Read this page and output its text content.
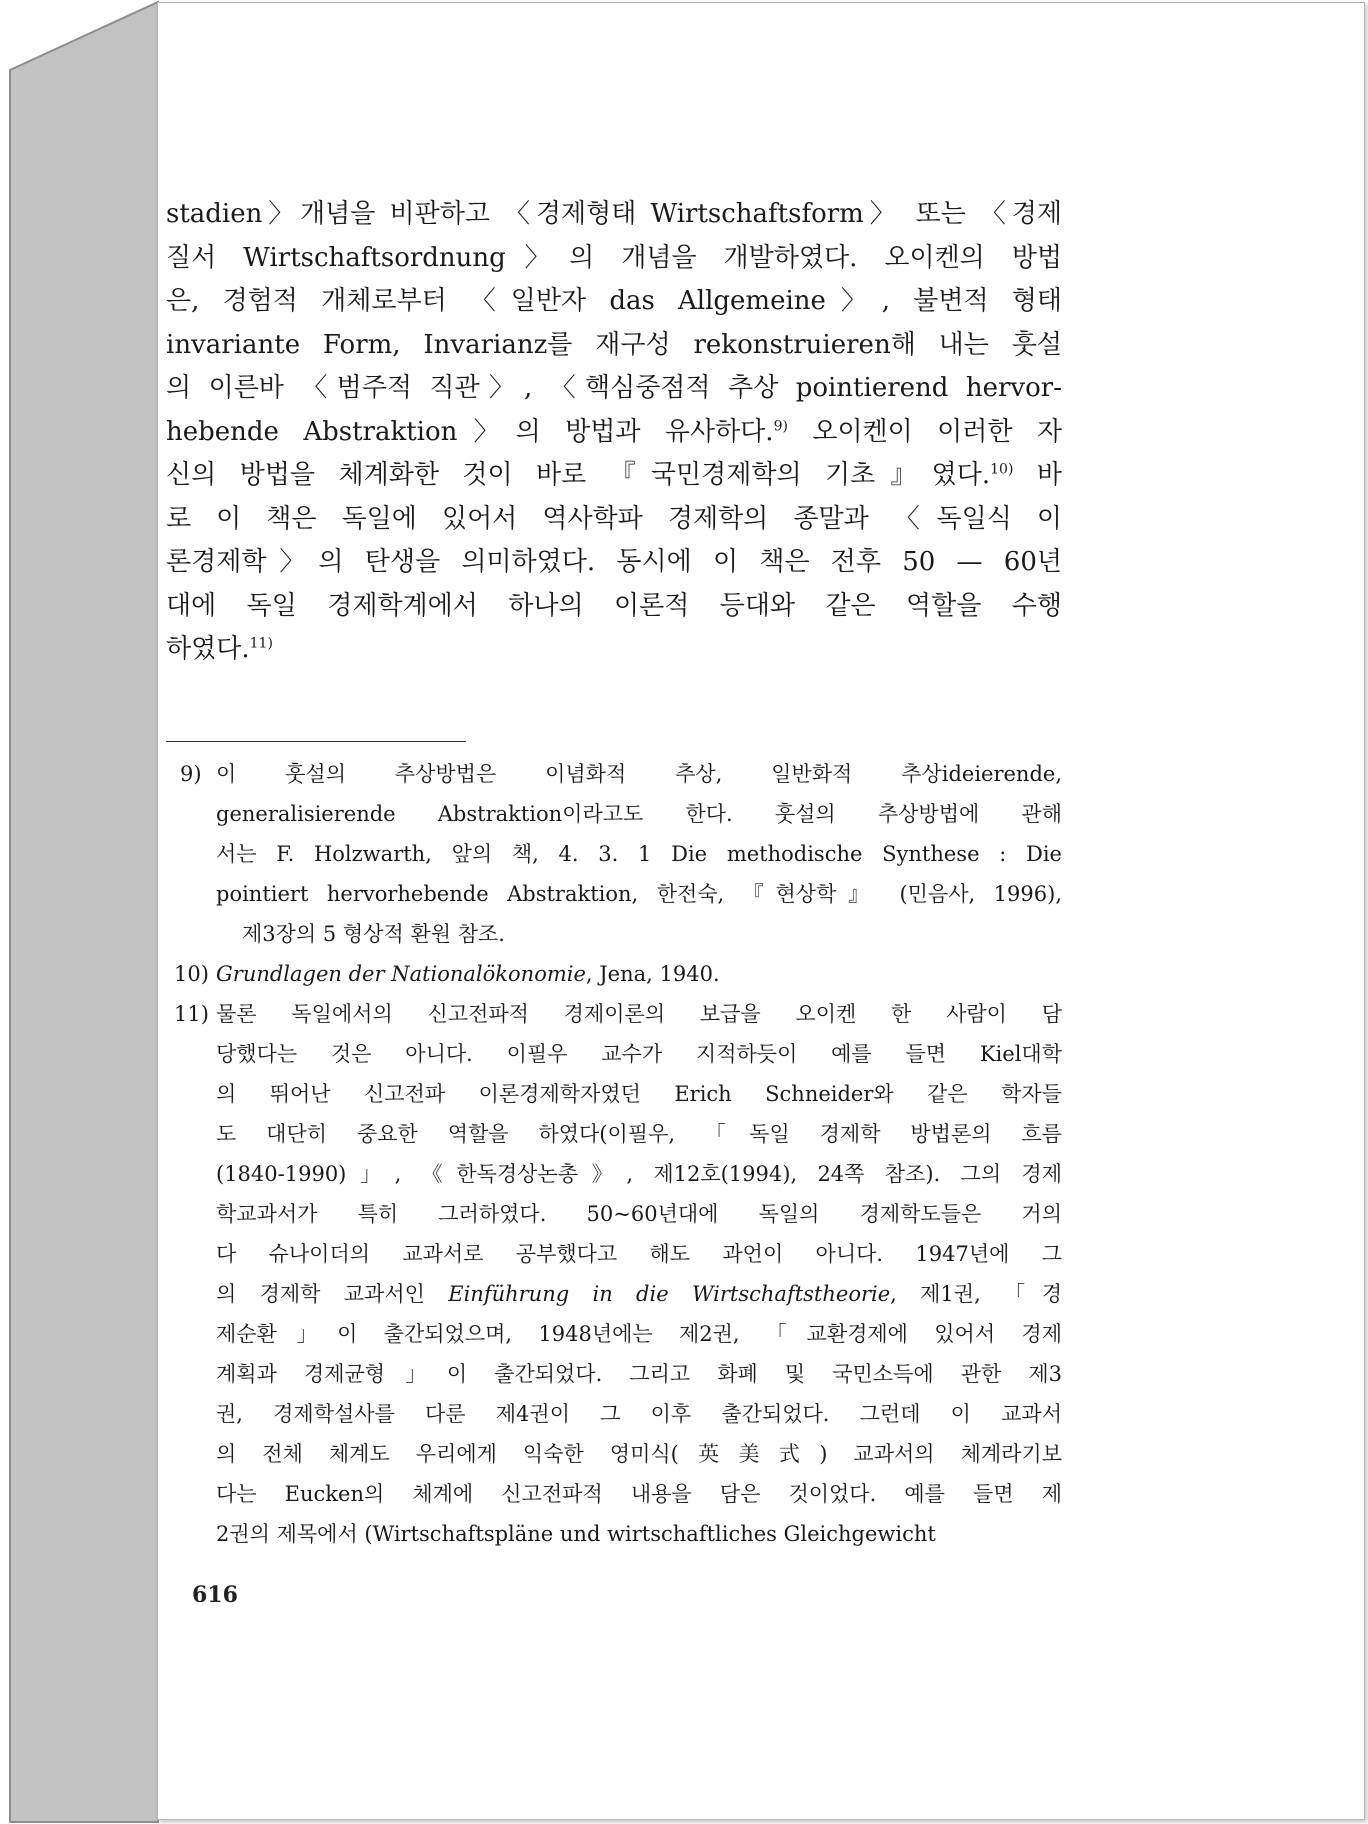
stadien〉개념을 비판하고 〈경제형태 Wirtschaftsform〉 또는 〈경제
질서 Wirtschaftsordnung〉의 개념을 개발하였다. 오이켄의 방법
은, 경험적 개체로부터 〈일반자 das Allgemeine〉, 불변적 형태
invariante Form, Invarianz를 재구성 rekonstruieren해 내는 훗설
의 이른바 〈범주적 직관〉, 〈핵심중점적 추상 pointierend hervor-
hebende Abstraktion〉의 방법과 유사하다.$^{9)}$ 오이켄이 이러한 자
신의 방법을 체계화한 것이 바로 『국민경제학의 기초』였다.$^{10)}$ 바
로 이 책은 독일에 있어서 역사학파 경제학의 종말과 〈독일식 이
론경제학〉의 탄생을 의미하였다. 동시에 이 책은 전후 50 — 60년
대에 독일 경제학계에서 하나의 이론적 등대와 같은 역할을 수행
하였다.$^{11)}$
9) 이 훗설의 추상방법은 이념화적 추상, 일반화적 추상ideierende,
generalisierende Abstraktion이라고도 한다. 훗설의 추상방법에 관해
서는 F. Holzwarth, 앞의 책, 4. 3. 1 Die methodische Synthese : Die
pointiert hervorhebende Abstraktion, 한전숙, 『현상학』 (민음사, 1996),
제3장의 5 형상적 환원 참조.
10) Grundlagen der Nationalökonomie, Jena, 1940.
11) 물론 독일에서의 신고전파적 경제이론의 보급을 오이켄 한 사람이 담
당했다는 것은 아니다. 이필우 교수가 지적하듯이 예를 들면 Kiel대학
의 뛰어난 신고전파 이론경제학자였던 Erich Schneider와 같은 학자들
도 대단히 중요한 역할을 하였다(이필우, 「독일 경제학 방법론의 흐름
(1840-1990)」, 《한독경상논총》, 제12호(1994), 24쪽 참조). 그의 경제
학교과서가 특히 그러하였다. 50~60년대에 독일의 경제학도들은 거의
다 슈나이더의 교과서로 공부했다고 해도 과언이 아니다. 1947년에 그
의 경제학 교과서인 Einführung in die Wirtschaftstheorie, 제1권, 「경
제순환」이 출간되었으며, 1948년에는 제2권, 「교환경제에 있어서 경제
계획과 경제균형」이 출간되었다. 그리고 화폐 및 국민소득에 관한 제3
권, 경제학설사를 다룬 제4권이 그 이후 출간되었다. 그런데 이 교과서
의 전체 체계도 우리에게 익숙한 영미식(英美式) 교과서의 체계라기보
다는 Eucken의 체계에 신고전파적 내용을 담은 것이었다. 예를 들면 제
2권의 제목에서 (Wirtschaftspläne und wirtschaftliches Gleichgewicht
616
